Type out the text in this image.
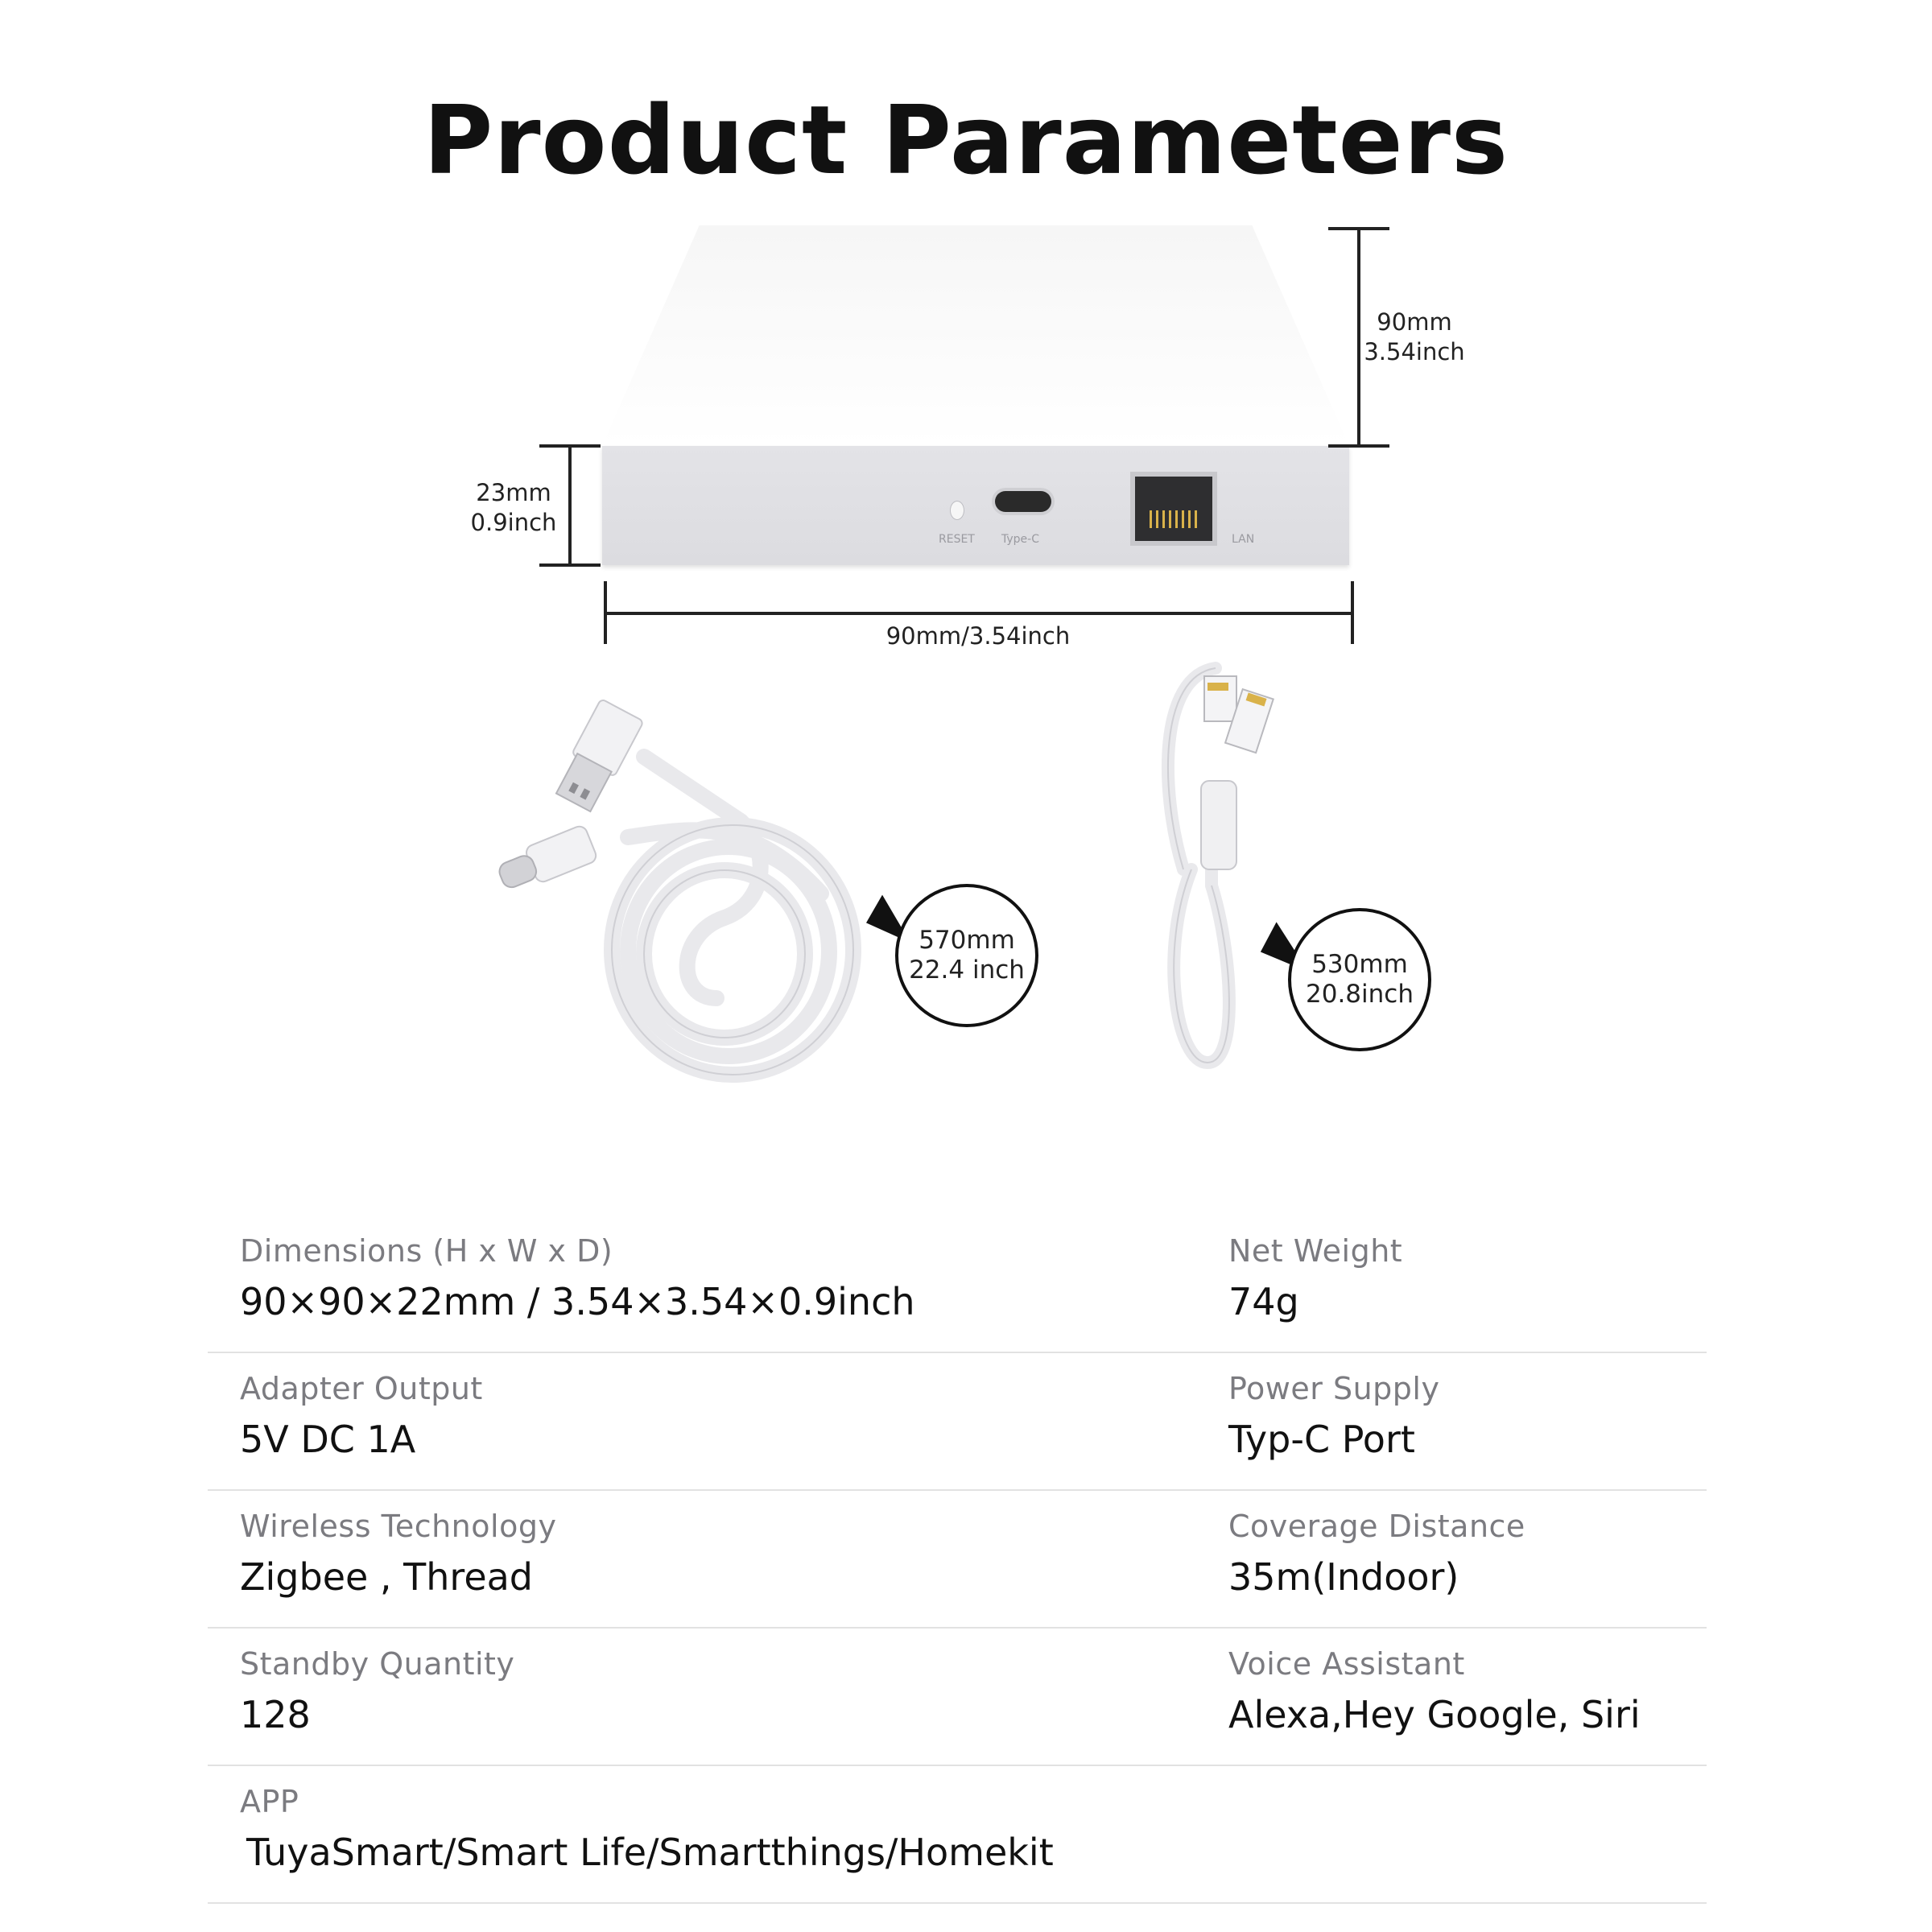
Product Parameters
RESET Type-C	LAN
90mm
3.54inch
23mm
0.9inch
90mm/3.54inch
570mm
22.4 inch	530mm
20.8inch
Dimensions (H x W x D)
90×90×22mm / 3.54×3.54×0.9inch
Net Weight
74g
Adapter Output
5V DC 1A
Power Supply
Typ-C Port
Wireless Technology
Zigbee , Thread
Coverage Distance
35m(Indoor)
Standby Quantity
128
Voice Assistant
Alexa,Hey Google, Siri
APP
TuyaSmart/Smart Life/Smartthings/Homekit
